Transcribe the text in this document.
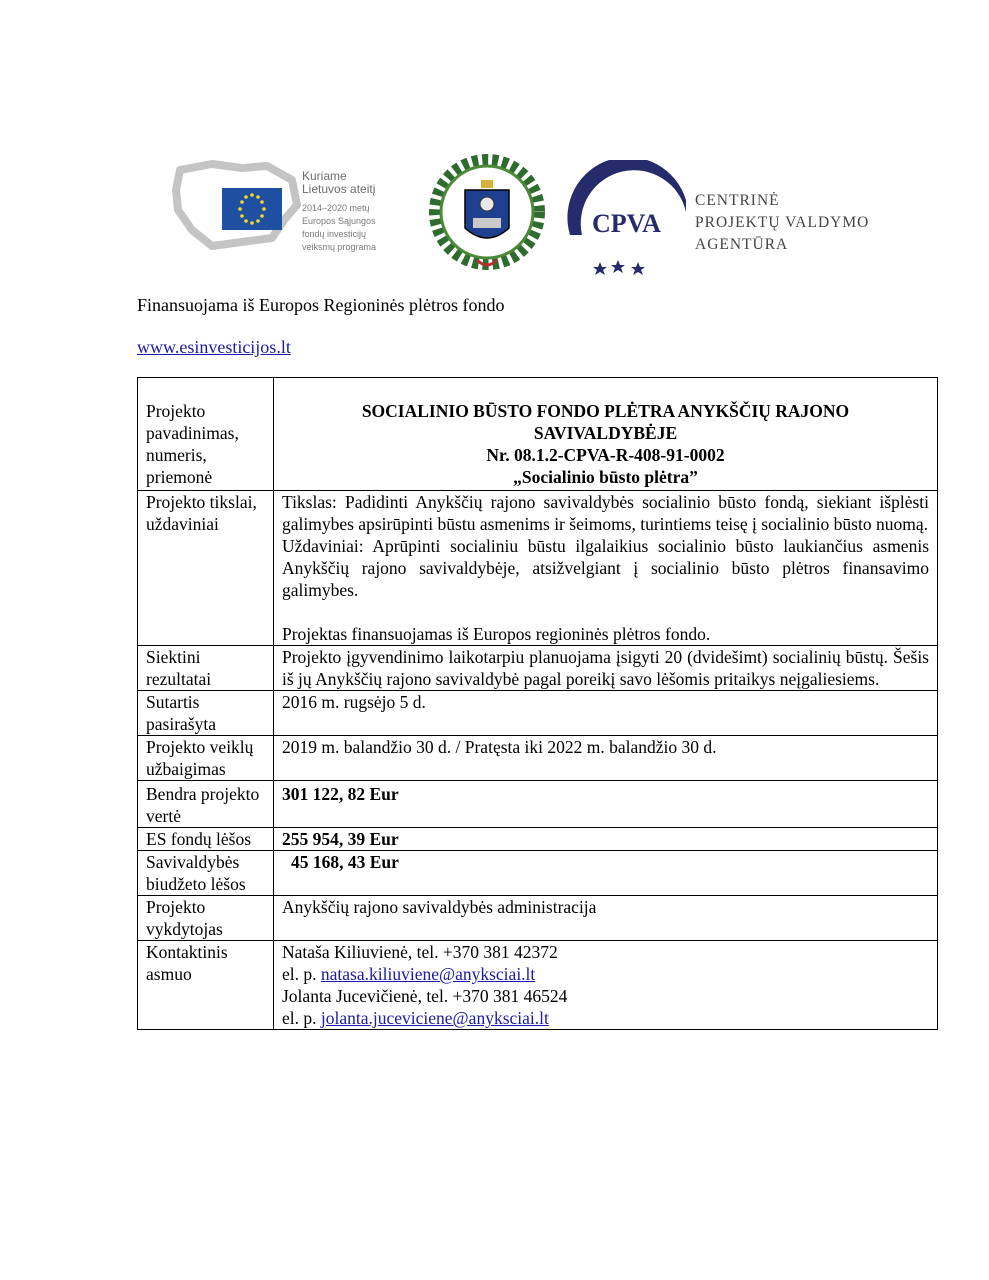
Kuriame
Lietuvos ateitį
2014–2020 metų
Europos Sąjungos
fondų investicijų
veiksmų programa
CPVA
CENTRINĖ
PROJEKTŲ VALDYMO
AGENTŪRA
Finansuojama iš Europos Regioninės plėtros fondo
www.esinvesticijos.lt
Projekto pavadinimas, numeris, priemonė	SOCIALINIO BŪSTO FONDO PLĖTRA ANYKŠČIŲ RAJONO
SAVIVALDYBĖJE
Nr. 08.1.2-CPVA-R-408-91-0002
„Socialinio būsto plėtra”

Projekto tikslai, uždaviniai	Tikslas: Padidinti Anykščių rajono savivaldybės socialinio būsto fondą, siekiant išplėsti galimybes apsirūpinti būstu asmenims ir šeimoms, turintiems teisę į socialinio būsto nuomą.
Uždaviniai: Aprūpinti socialiniu būstu ilgalaikius socialinio būsto laukiančius asmenis Anykščių rajono savivaldybėje, atsižvelgiant į socialinio būsto plėtros finansavimo galimybes.
Projektas finansuojamas iš Europos regioninės plėtros fondo.

Siektini rezultatai	Projekto įgyvendinimo laikotarpiu planuojama įsigyti 20 (dvidešimt) socialinių būstų. Šešis iš jų Anykščių rajono savivaldybė pagal poreikį savo lėšomis pritaikys neįgaliesiems.
Sutartis pasirašyta	2016 m. rugsėjo 5 d.
Projekto veiklų užbaigimas	2019 m. balandžio 30 d. / Pratęsta iki 2022 m. balandžio 30 d.
Bendra projekto vertė	301 122, 82 Eur
ES fondų lėšos	255 954, 39 Eur
Savivaldybės biudžeto lėšos	45 168, 43 Eur
Projekto vykdytojas	Anykščių rajono savivaldybės administracija
Kontaktinis asmuo	Nataša Kiliuvienė, tel. +370 381 42372
el. p. natasa.kiliuviene@anyksciai.lt
Jolanta Jucevičienė, tel. +370 381 46524
el. p. jolanta.juceviciene@anyksciai.lt
